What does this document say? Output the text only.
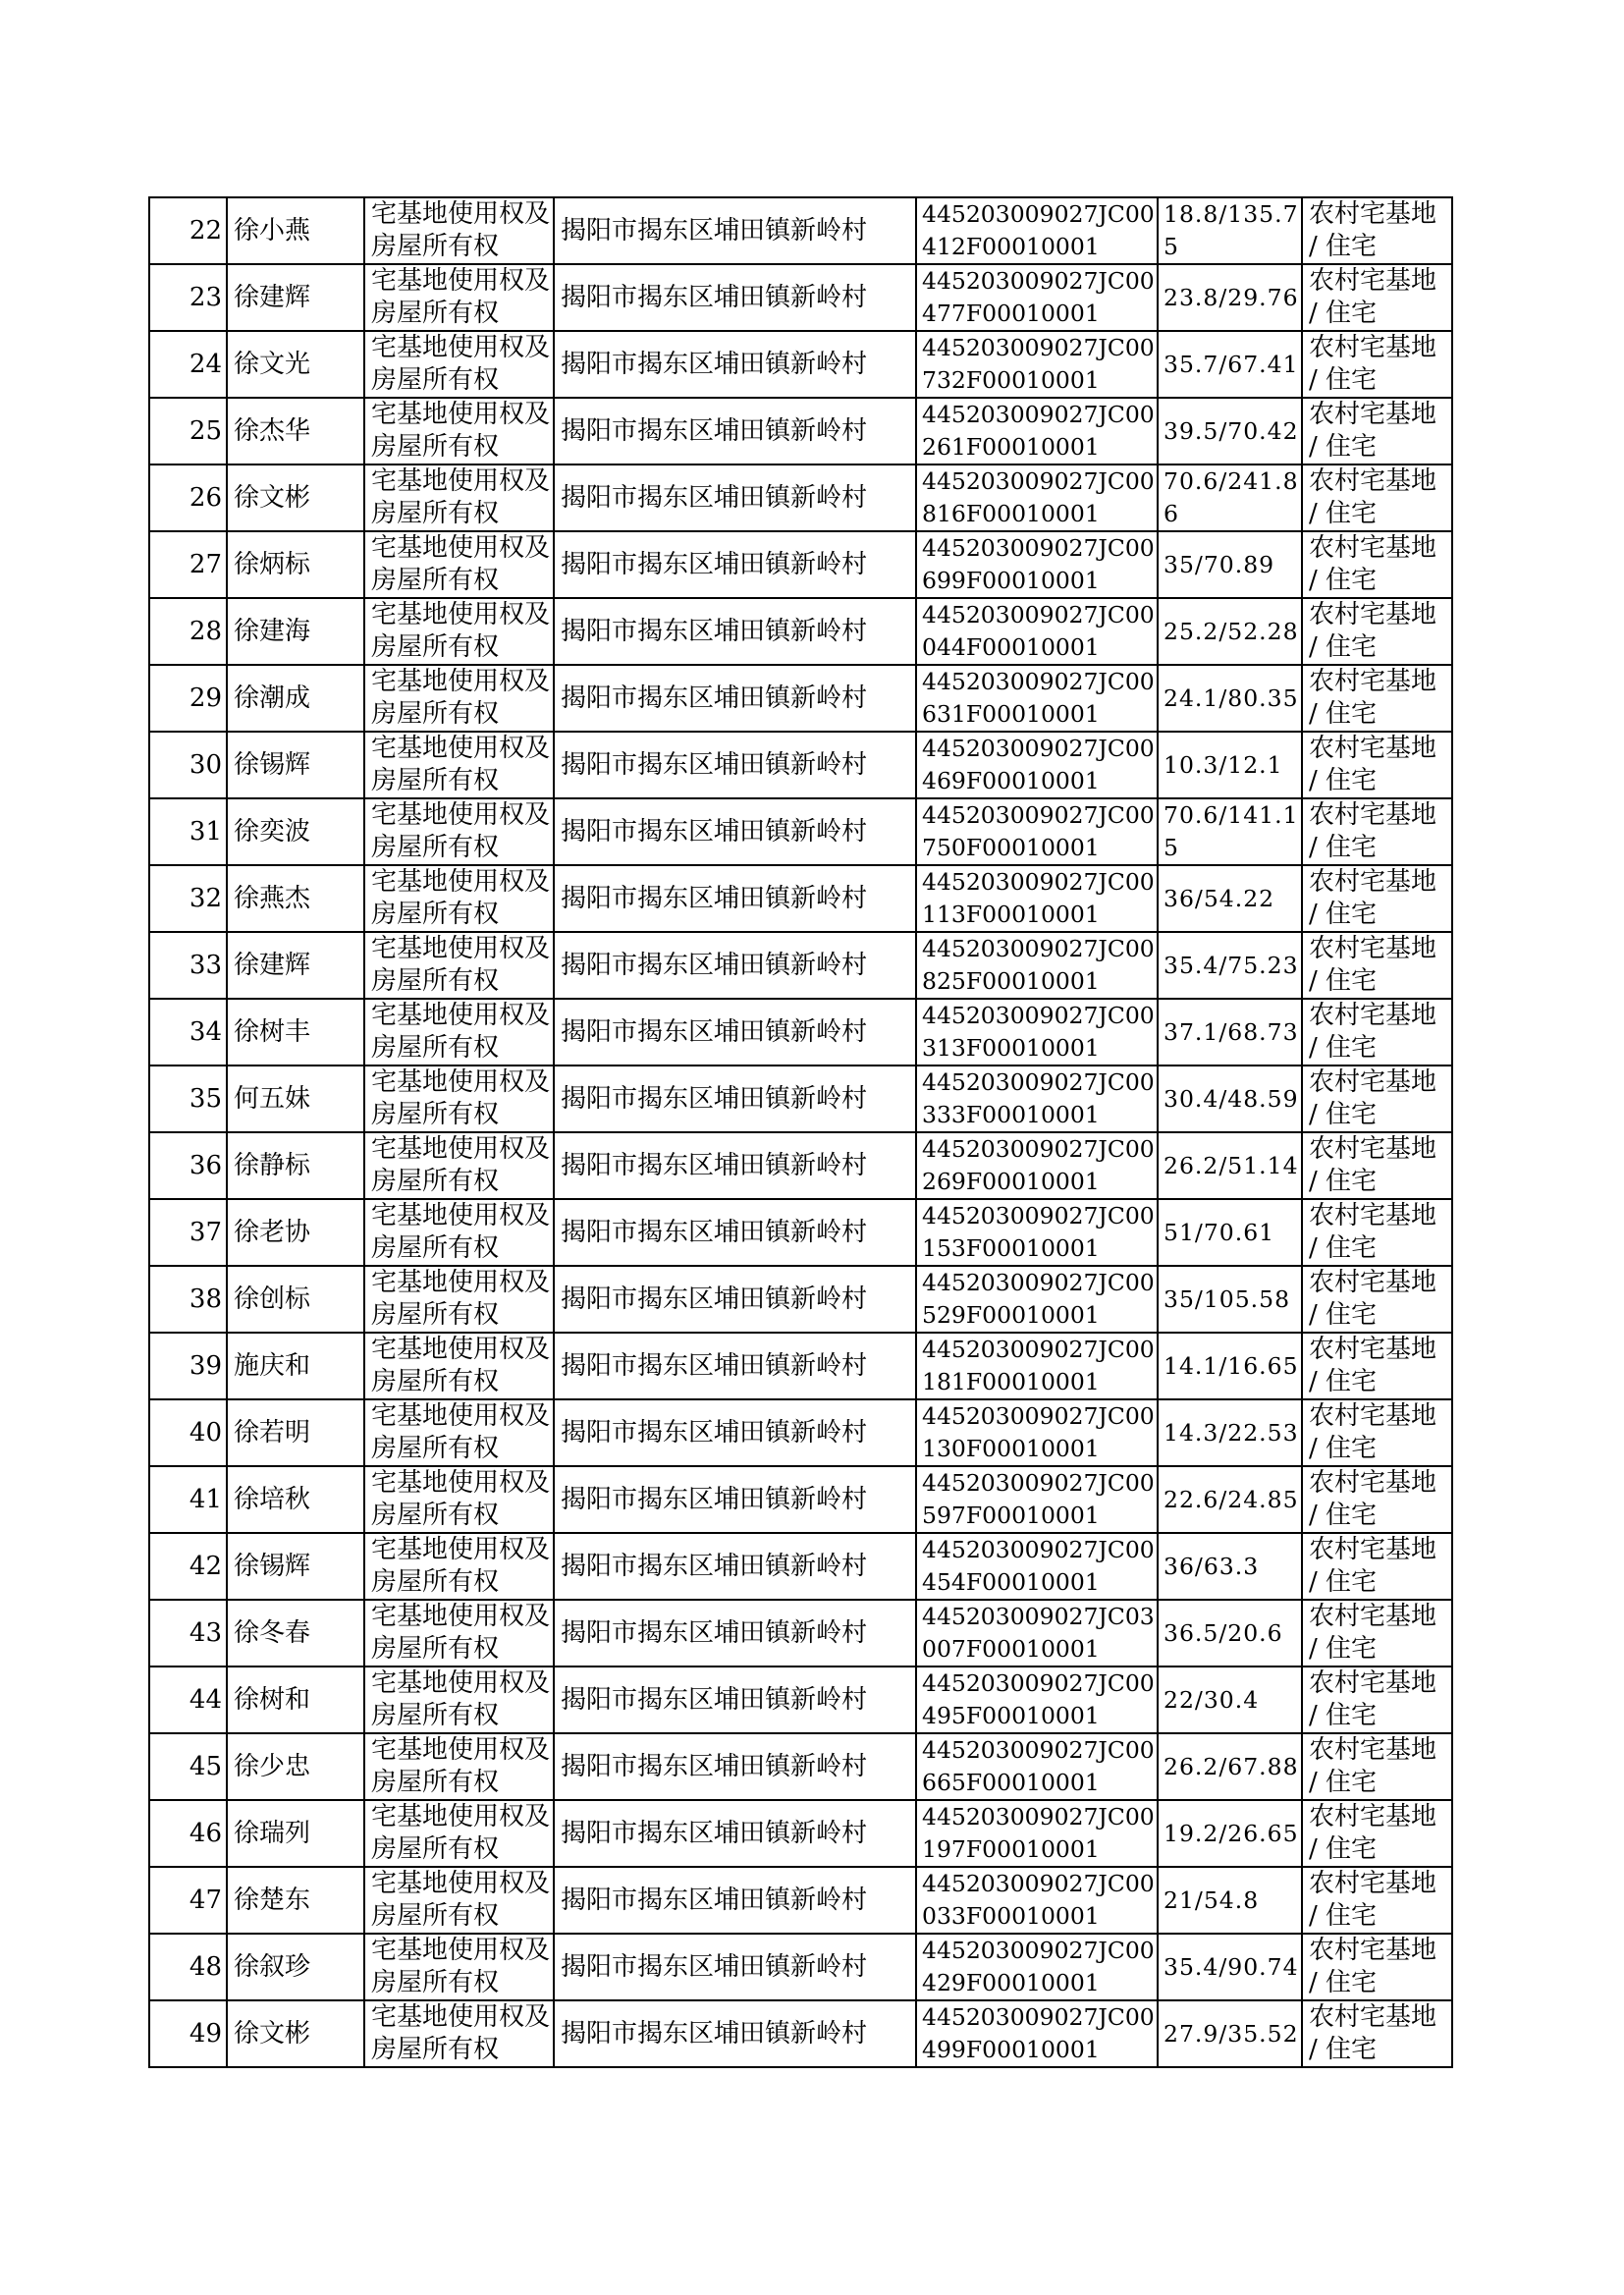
22	徐小燕	宅基地使用权及房屋所有权	揭阳市揭东区埔田镇新岭村	445203009027JC00412F00010001	18.8/135.75	农村宅基地 / 住宅
23	徐建辉	宅基地使用权及房屋所有权	揭阳市揭东区埔田镇新岭村	445203009027JC00477F00010001	23.8/29.76	农村宅基地 / 住宅
24	徐文光	宅基地使用权及房屋所有权	揭阳市揭东区埔田镇新岭村	445203009027JC00732F00010001	35.7/67.41	农村宅基地 / 住宅
25	徐杰华	宅基地使用权及房屋所有权	揭阳市揭东区埔田镇新岭村	445203009027JC00261F00010001	39.5/70.42	农村宅基地 / 住宅
26	徐文彬	宅基地使用权及房屋所有权	揭阳市揭东区埔田镇新岭村	445203009027JC00816F00010001	70.6/241.86	农村宅基地 / 住宅
27	徐炳标	宅基地使用权及房屋所有权	揭阳市揭东区埔田镇新岭村	445203009027JC00699F00010001	35/70.89	农村宅基地 / 住宅
28	徐建海	宅基地使用权及房屋所有权	揭阳市揭东区埔田镇新岭村	445203009027JC00044F00010001	25.2/52.28	农村宅基地 / 住宅
29	徐潮成	宅基地使用权及房屋所有权	揭阳市揭东区埔田镇新岭村	445203009027JC00631F00010001	24.1/80.35	农村宅基地 / 住宅
30	徐锡辉	宅基地使用权及房屋所有权	揭阳市揭东区埔田镇新岭村	445203009027JC00469F00010001	10.3/12.1	农村宅基地 / 住宅
31	徐奕波	宅基地使用权及房屋所有权	揭阳市揭东区埔田镇新岭村	445203009027JC00750F00010001	70.6/141.15	农村宅基地 / 住宅
32	徐燕杰	宅基地使用权及房屋所有权	揭阳市揭东区埔田镇新岭村	445203009027JC00113F00010001	36/54.22	农村宅基地 / 住宅
33	徐建辉	宅基地使用权及房屋所有权	揭阳市揭东区埔田镇新岭村	445203009027JC00825F00010001	35.4/75.23	农村宅基地 / 住宅
34	徐树丰	宅基地使用权及房屋所有权	揭阳市揭东区埔田镇新岭村	445203009027JC00313F00010001	37.1/68.73	农村宅基地 / 住宅
35	何五妹	宅基地使用权及房屋所有权	揭阳市揭东区埔田镇新岭村	445203009027JC00333F00010001	30.4/48.59	农村宅基地 / 住宅
36	徐静标	宅基地使用权及房屋所有权	揭阳市揭东区埔田镇新岭村	445203009027JC00269F00010001	26.2/51.14	农村宅基地 / 住宅
37	徐老协	宅基地使用权及房屋所有权	揭阳市揭东区埔田镇新岭村	445203009027JC00153F00010001	51/70.61	农村宅基地 / 住宅
38	徐创标	宅基地使用权及房屋所有权	揭阳市揭东区埔田镇新岭村	445203009027JC00529F00010001	35/105.58	农村宅基地 / 住宅
39	施庆和	宅基地使用权及房屋所有权	揭阳市揭东区埔田镇新岭村	445203009027JC00181F00010001	14.1/16.65	农村宅基地 / 住宅
40	徐若明	宅基地使用权及房屋所有权	揭阳市揭东区埔田镇新岭村	445203009027JC00130F00010001	14.3/22.53	农村宅基地 / 住宅
41	徐培秋	宅基地使用权及房屋所有权	揭阳市揭东区埔田镇新岭村	445203009027JC00597F00010001	22.6/24.85	农村宅基地 / 住宅
42	徐锡辉	宅基地使用权及房屋所有权	揭阳市揭东区埔田镇新岭村	445203009027JC00454F00010001	36/63.3	农村宅基地 / 住宅
43	徐冬春	宅基地使用权及房屋所有权	揭阳市揭东区埔田镇新岭村	445203009027JC03007F00010001	36.5/20.6	农村宅基地 / 住宅
44	徐树和	宅基地使用权及房屋所有权	揭阳市揭东区埔田镇新岭村	445203009027JC00495F00010001	22/30.4	农村宅基地 / 住宅
45	徐少忠	宅基地使用权及房屋所有权	揭阳市揭东区埔田镇新岭村	445203009027JC00665F00010001	26.2/67.88	农村宅基地 / 住宅
46	徐瑞列	宅基地使用权及房屋所有权	揭阳市揭东区埔田镇新岭村	445203009027JC00197F00010001	19.2/26.65	农村宅基地 / 住宅
47	徐楚东	宅基地使用权及房屋所有权	揭阳市揭东区埔田镇新岭村	445203009027JC00033F00010001	21/54.8	农村宅基地 / 住宅
48	徐叙珍	宅基地使用权及房屋所有权	揭阳市揭东区埔田镇新岭村	445203009027JC00429F00010001	35.4/90.74	农村宅基地 / 住宅
49	徐文彬	宅基地使用权及房屋所有权	揭阳市揭东区埔田镇新岭村	445203009027JC00499F00010001	27.9/35.52	农村宅基地 / 住宅
